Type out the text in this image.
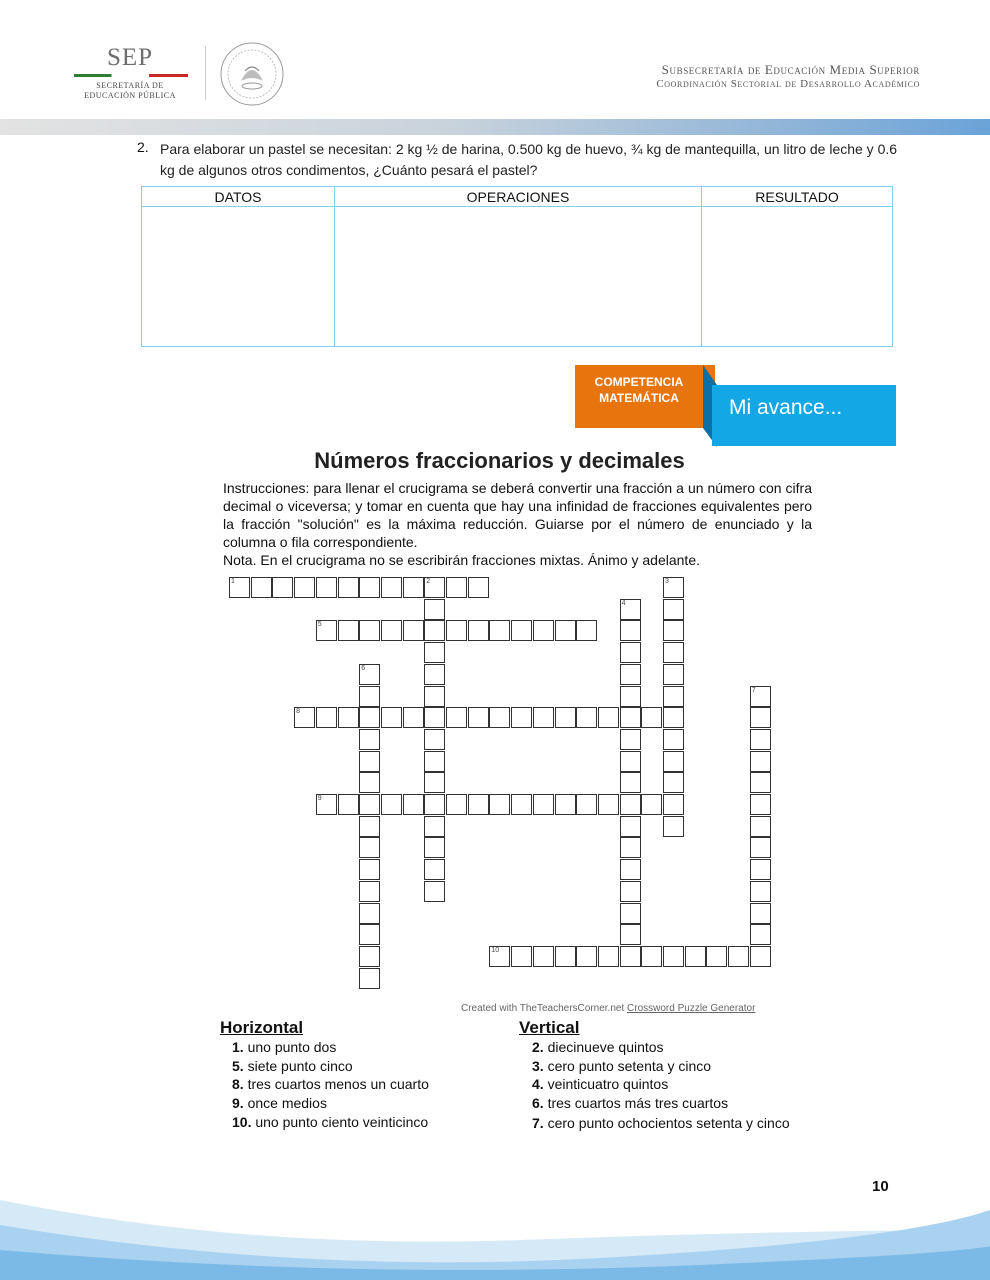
SEP
SECRETARÍA DE
EDUCACIÓN PÚBLICA
Subsecretaría de Educación Media Superior
Coordinación Sectorial de Desarrollo Académico
2. Para elaborar un pastel se necesitan: 2 kg ½ de harina, 0.500 kg de huevo, ¾ kg de mantequilla, un litro de leche y 0.6 kg de algunos otros condimentos, ¿Cuánto pesará el pastel?
DATOS	OPERACIONES	RESULTADO

COMPETENCIA
MATEMÁTICA	Mi avance...
Números fraccionarios y decimales

Instrucciones: para llenar el crucigrama se deberá convertir una fracción a un número con cifra decimal o viceversa; y tomar en cuenta que hay una infinidad de fracciones equivalentes pero la fracción "solución" es la máxima reducción. Guiarse por el número de enunciado y la columna o fila correspondiente.

Nota. En el crucigrama no se escribirán fracciones mixtas. Ánimo y adelante.

1	2	3
4
5
6
7
8
9
10
Created with TheTeachersCorner.net Crossword Puzzle Generator
Horizontal	Vertical
1. uno punto dos
5. siete punto cinco
8. tres cuartos menos un cuarto
9. once medios
10. uno punto ciento veinticinco
2. diecinueve quintos
3. cero punto setenta y cinco
4. veinticuatro quintos
6. tres cuartos más tres cuartos
7. cero punto ochocientos setenta y cinco
10
